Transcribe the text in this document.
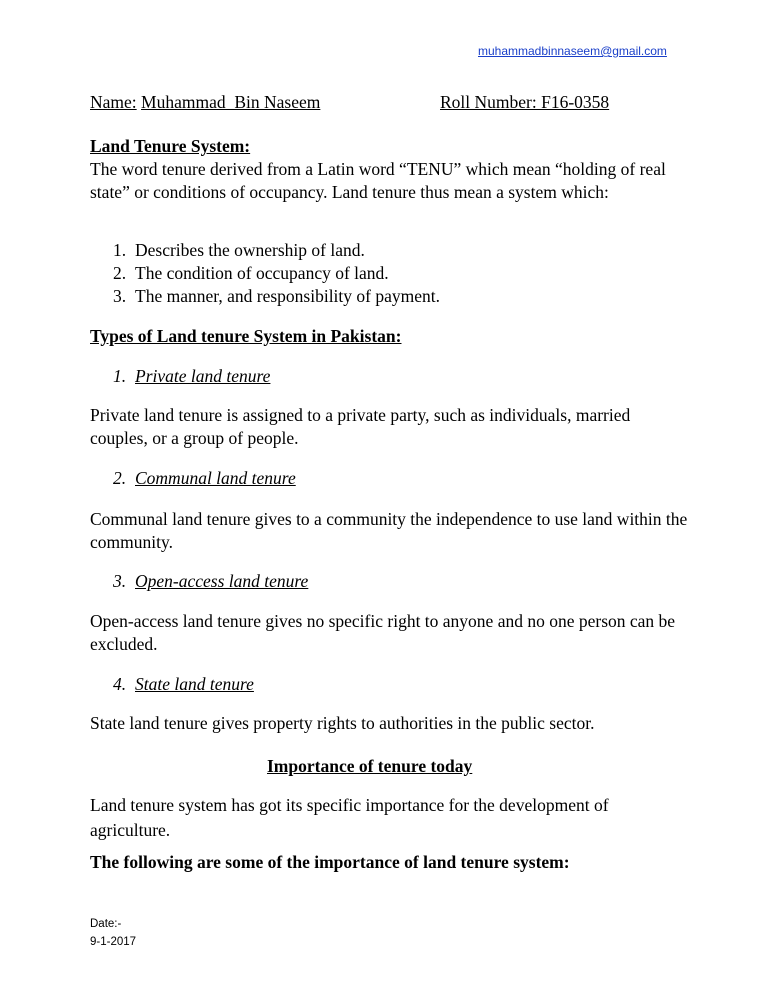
muhammadbinnaseem@gmail.com
Name: Muhammad  Bin Naseem	Roll Number: F16-0358
Land Tenure System:
The word tenure derived from a Latin word “TENU” which mean “holding of real state” or conditions of occupancy. Land tenure thus mean a system which:
1. Describes the ownership of land.
2. The condition of occupancy of land.
3. The manner, and responsibility of payment.
Types of Land tenure System in Pakistan:
1. Private land tenure
Private land tenure is assigned to a private party, such as individuals, married couples, or a group of people.
2. Communal land tenure
Communal land tenure gives to a community the independence to use land within the community.
3. Open-access land tenure
Open-access land tenure gives no specific right to anyone and no one person can be excluded.
4. State land tenure
State land tenure gives property rights to authorities in the public sector.
Importance of tenure today
Land tenure system has got its specific importance for the development of agriculture.
The following are some of the importance of land tenure system:
Date:-
9-1-2017
